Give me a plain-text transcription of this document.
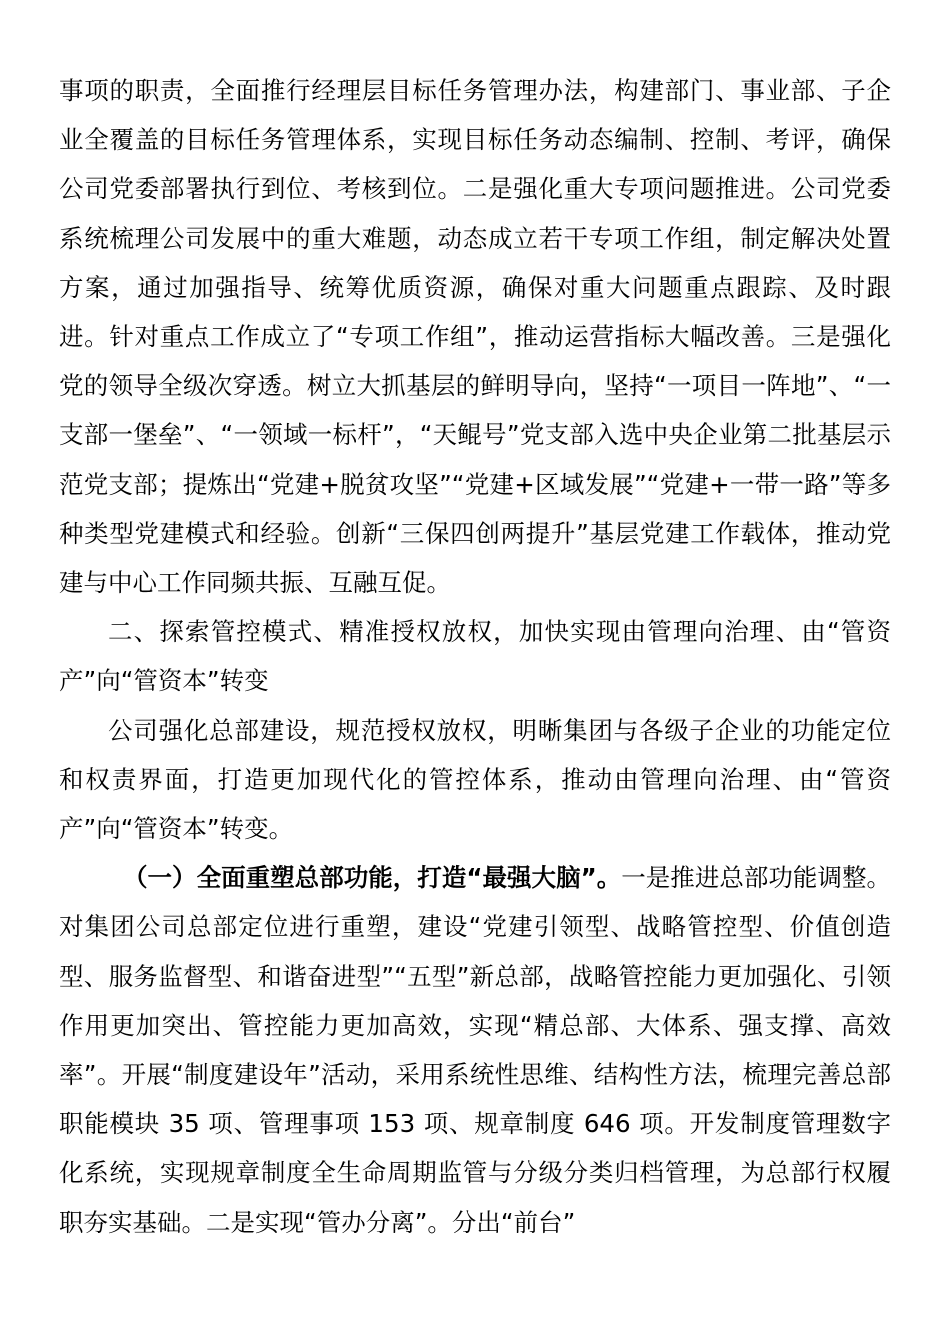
事项的职责，全面推行经理层目标任务管理办法，构建部门、事业部、子企业全覆盖的目标任务管理体系，实现目标任务动态编制、控制、考评，确保公司党委部署执行到位、考核到位。二是强化重大专项问题推进。公司党委系统梳理公司发展中的重大难题，动态成立若干专项工作组，制定解决处置方案，通过加强指导、统筹优质资源，确保对重大问题重点跟踪、及时跟进。针对重点工作成立了“专项工作组”，推动运营指标大幅改善。三是强化党的领导全级次穿透。树立大抓基层的鲜明导向，坚持“一项目一阵地”、“一支部一堡垒”、“一领域一标杆”，“天鲲号”党支部入选中央企业第二批基层示范党支部；提炼出“党建+脱贫攻坚”“党建+区域发展”“党建+一带一路”等多种类型党建模式和经验。创新“三保四创两提升”基层党建工作载体，推动党建与中心工作同频共振、互融互促。

二、探索管控模式、精准授权放权，加快实现由管理向治理、由“管资产”向“管资本”转变

公司强化总部建设，规范授权放权，明晰集团与各级子企业的功能定位和权责界面，打造更加现代化的管控体系，推动由管理向治理、由“管资产”向“管资本”转变。

（一）全面重塑总部功能，打造“最强大脑”。一是推进总部功能调整。对集团公司总部定位进行重塑，建设“党建引领型、战略管控型、价值创造型、服务监督型、和谐奋进型”“五型”新总部，战略管控能力更加强化、引领作用更加突出、管控能力更加高效，实现“精总部、大体系、强支撑、高效率”。开展“制度建设年”活动，采用系统性思维、结构性方法，梳理完善总部职能模块 35 项、管理事项 153 项、规章制度 646 项。开发制度管理数字化系统，实现规章制度全生命周期监管与分级分类归档管理，为总部行权履职夯实基础。二是实现“管办分离”。分出“前台”
